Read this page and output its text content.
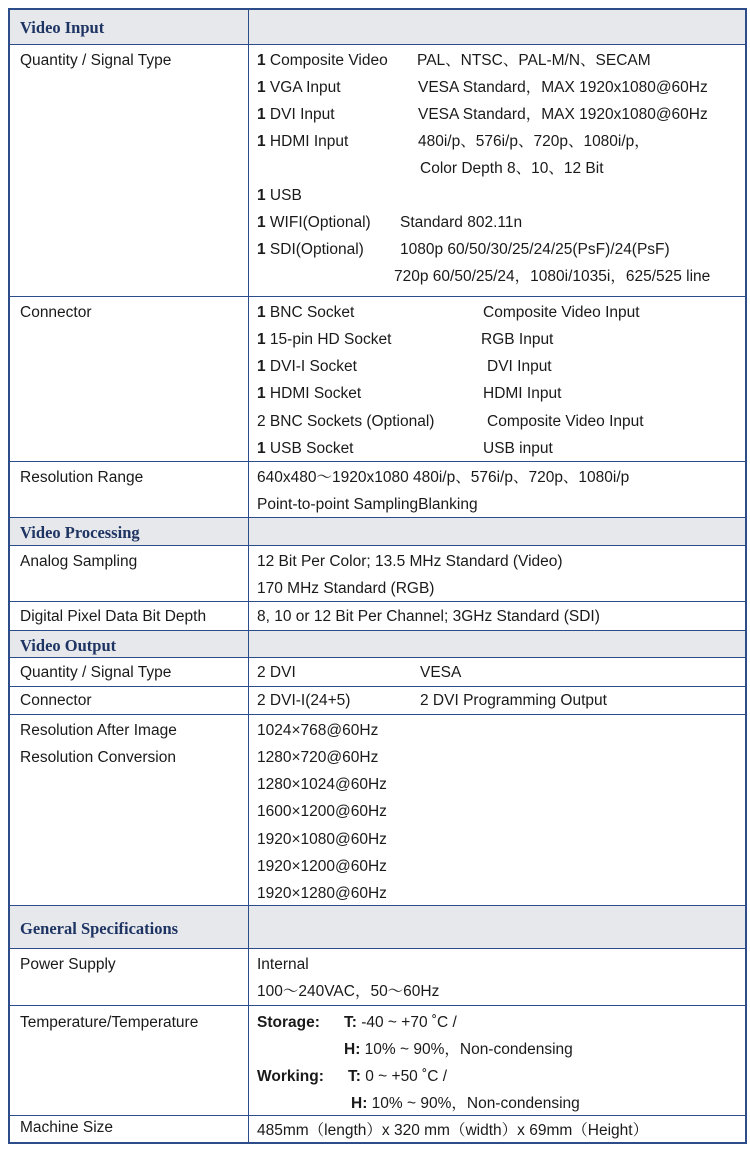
Video Input
Quantity / Signal Type	1 Composite Video PAL、NTSC、PAL-M/N、SECAM
1 VGA Input	VESA Standard，MAX 1920x1080@60Hz
1 DVI Input	VESA Standard，MAX 1920x1080@60Hz
1 HDMI Input	480i/p、576i/p、720p、1080i/p，
Color Depth 8、10、12 Bit
1 USB
1 WIFI(Optional) Standard 802.11n
1 SDI(Optional) 1080p 60/50/30/25/24/25(PsF)/24(PsF)
720p 60/50/25/24，1080i/1035i，625/525 line
Connector	1 BNC Socket	Composite Video Input
1 15-pin HD Socket	RGB Input
1 DVI-I Socket	DVI Input
1 HDMI Socket	HDMI Input
2 BNC Sockets (Optional)	Composite Video Input
1 USB Socket	USB input
Resolution Range	640x480～1920x1080 480i/p、576i/p、720p、1080i/p
Point-to-point SamplingBlanking
Video Processing
Analog Sampling	12 Bit Per Color; 13.5 MHz Standard (Video)
170 MHz Standard (RGB)
Digital Pixel Data Bit Depth	8, 10 or 12 Bit Per Channel; 3GHz Standard (SDI)
Video Output
Quantity / Signal Type	2 DVI	VESA
Connector	2 DVI-I(24+5)	2 DVI Programming Output
Resolution After Image
Resolution Conversion
1024×768@60Hz
1280×720@60Hz
1280×1024@60Hz
1600×1200@60Hz
1920×1080@60Hz
1920×1200@60Hz
1920×1280@60Hz
General Specifications
Power Supply	Internal
100～240VAC，50～60Hz
Temperature/Temperature	Storage: T: -40 ~ +70 ˚C /
H: 10% ~ 90%，Non-condensing
Working: T: 0 ~ +50 ˚C /
H: 10% ~ 90%，Non-condensing
Machine Size	485mm（length）x 320 mm（width）x 69mm（Height）
